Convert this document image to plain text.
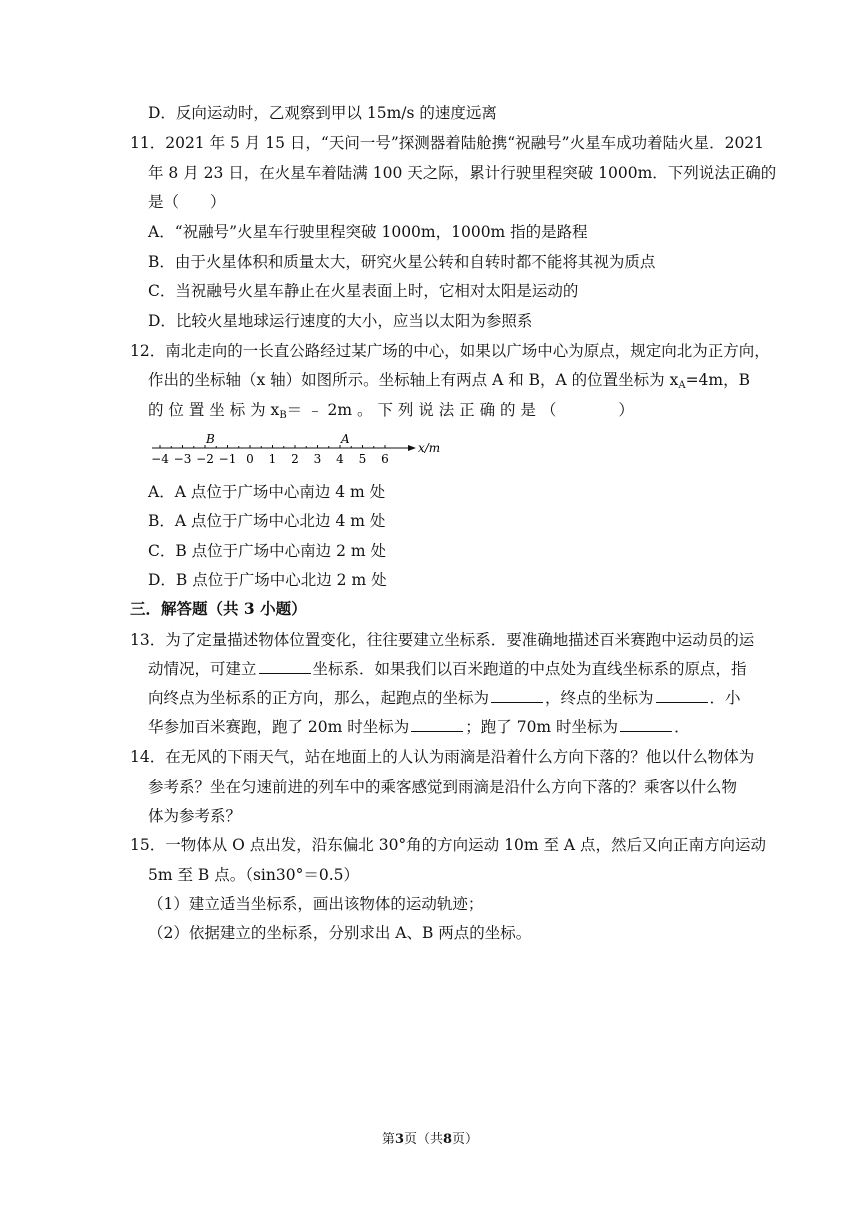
D．反向运动时，乙观察到甲以 15m/s 的速度远离
11．2021 年 5 月 15 日，“天问一号”探测器着陆舱携“祝融号”火星车成功着陆火星．2021
年 8 月 23 日，在火星车着陆满 100 天之际，累计行驶里程突破 1000m．下列说法正确的
是（　　）
A．“祝融号”火星车行驶里程突破 1000m，1000m 指的是路程
B．由于火星体积和质量太大，研究火星公转和自转时都不能将其视为质点
C．当祝融号火星车静止在火星表面上时，它相对太阳是运动的
D．比较火星地球运行速度的大小，应当以太阳为参照系
12．南北走向的一长直公路经过某广场的中心，如果以广场中心为原点，规定向北为正方向，
作出的坐标轴（x 轴）如图所示。坐标轴上有两点 A 和 B，A 的位置坐标为 $x_A=4m$，B
的 位 置 坐 标 为 $x_B=$ ﹣ 2m 。 下 列 说 法 正 确 的 是 （　　　　）
−4 −3 −2 −1 0 1 2 3 4 5 6
B	A
x/m
A．A 点位于广场中心南边 4 m 处
B．A 点位于广场中心北边 4 m 处
C．B 点位于广场中心南边 2 m 处
D．B 点位于广场中心北边 2 m 处
三．解答题（共 3 小题）
13．为了定量描述物体位置变化，往往要建立坐标系．要准确地描述百米赛跑中运动员的运
动情况，可建立	坐标系．如果我们以百米跑道的中点处为直线坐标系的原点，指
向终点为坐标系的正方向，那么，起跑点的坐标为	，终点的坐标为	．小
华参加百米赛跑，跑了 20m 时坐标为	；跑了 70m 时坐标为	．
14．在无风的下雨天气，站在地面上的人认为雨滴是沿着什么方向下落的？他以什么物体为
参考系？坐在匀速前进的列车中的乘客感觉到雨滴是沿什么方向下落的？乘客以什么物
体为参考系？
15．一物体从 O 点出发，沿东偏北 30°角的方向运动 10m 至 A 点，然后又向正南方向运动
5m 至 B 点。（sin30°＝0.5）
（1）建立适当坐标系，画出该物体的运动轨迹；
（2）依据建立的坐标系，分别求出 A、B 两点的坐标。
第3页（共8页）
